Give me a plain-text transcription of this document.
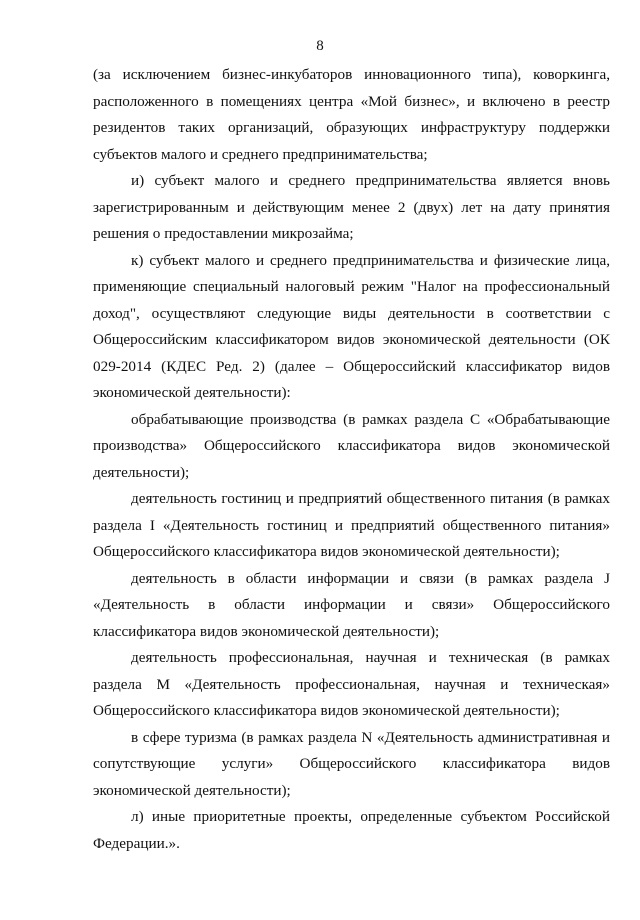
8

(за исключением бизнес-инкубаторов инновационного типа), коворкинга, расположенного в помещениях центра «Мой бизнес», и включено в реестр резидентов таких организаций, образующих инфраструктуру поддержки субъектов малого и среднего предпринимательства;

и) субъект малого и среднего предпринимательства является вновь зарегистрированным и действующим менее 2 (двух) лет на дату принятия решения о предоставлении микрозайма;

к) субъект малого и среднего предпринимательства и физические лица, применяющие специальный налоговый режим "Налог на профессиональный доход", осуществляют следующие виды деятельности в соответствии с Общероссийским классификатором видов экономической деятельности (ОК 029-2014 (КДЕС Ред. 2) (далее – Общероссийский классификатор видов экономической деятельности):

обрабатывающие производства (в рамках раздела C «Обрабатывающие производства» Общероссийского классификатора видов экономической деятельности);

деятельность гостиниц и предприятий общественного питания (в рамках раздела I «Деятельность гостиниц и предприятий общественного питания» Общероссийского классификатора видов экономической деятельности);

деятельность в области информации и связи (в рамках раздела J «Деятельность в области информации и связи» Общероссийского классификатора видов экономической деятельности);

деятельность профессиональная, научная и техническая (в рамках раздела M «Деятельность профессиональная, научная и техническая» Общероссийского классификатора видов экономической деятельности);

в сфере туризма (в рамках раздела N «Деятельность административная и сопутствующие услуги» Общероссийского классификатора видов экономической деятельности);

л) иные приоритетные проекты, определенные субъектом Российской Федерации.».
